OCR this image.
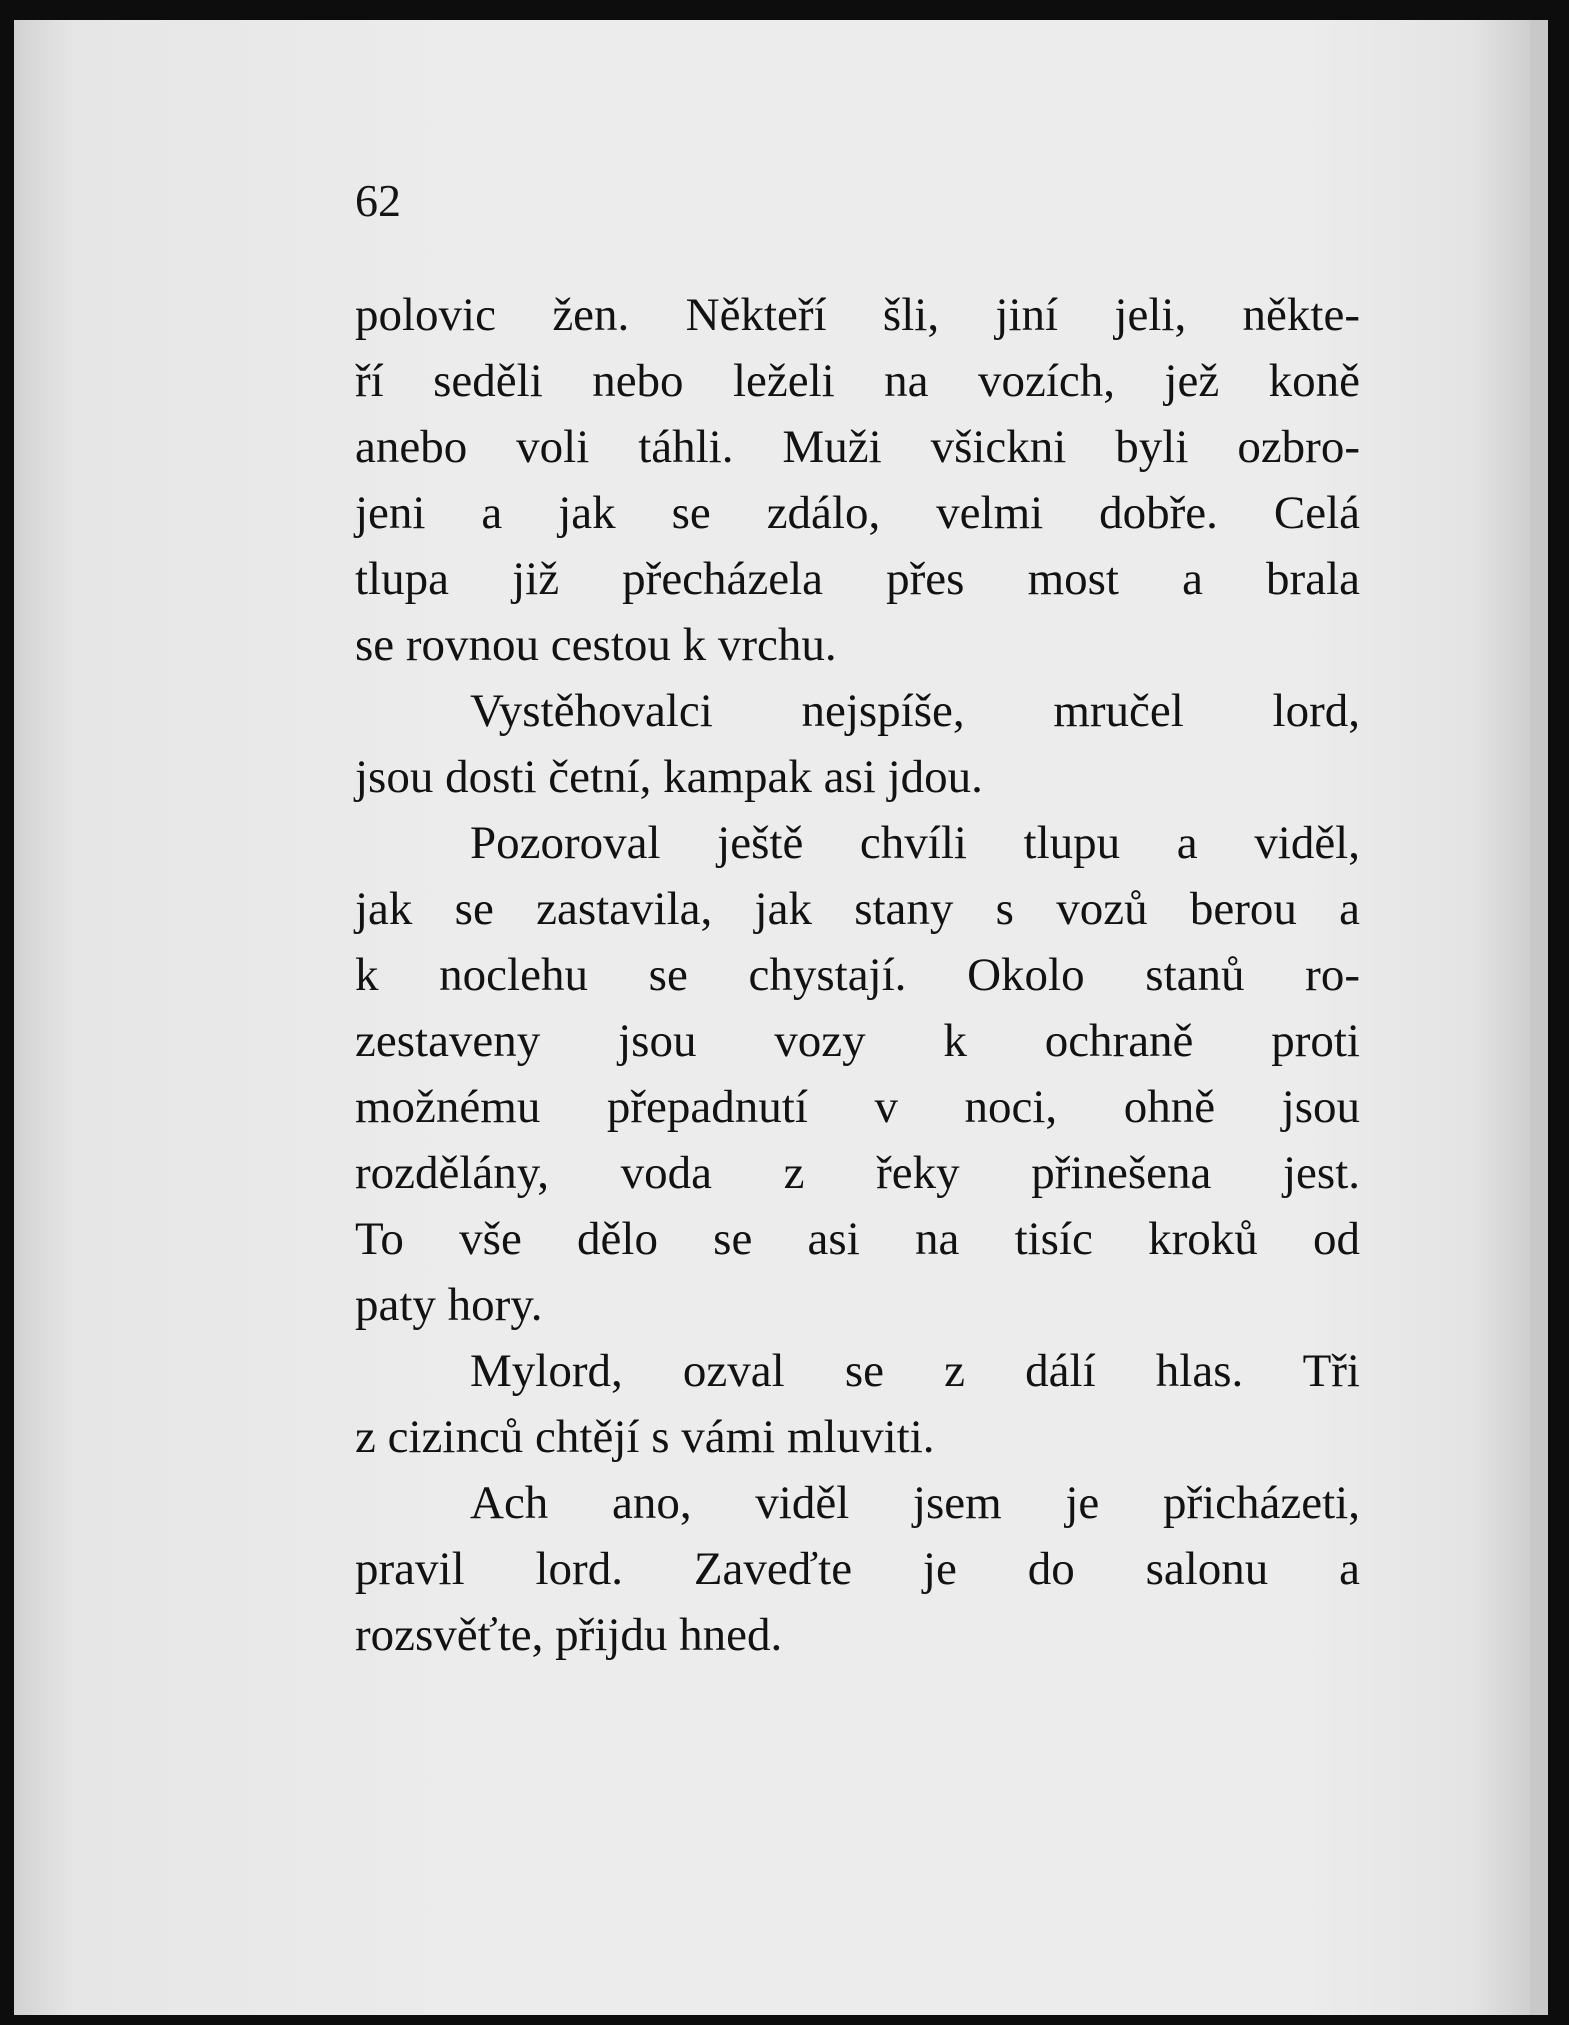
62
polovic žen. Někteří šli, jiní jeli, někte-
ří seděli nebo leželi na vozích, jež koně
anebo voli táhli. Muži všickni byli ozbro-
jeni a jak se zdálo, velmi dobře. Celá
tlupa již přecházela přes most a brala
se rovnou cestou k vrchu.
Vystěhovalci nejspíše, mručel lord,
jsou dosti četní, kampak asi jdou.
Pozoroval ještě chvíli tlupu a viděl,
jak se zastavila, jak stany s vozů berou a
k noclehu se chystají. Okolo stanů ro-
zestaveny jsou vozy k ochraně proti
možnému přepadnutí v noci, ohně jsou
rozdělány, voda z řeky přinešena jest.
To vše dělo se asi na tisíc kroků od
paty hory.
Mylord, ozval se z dálí hlas. Tři
z cizinců chtějí s vámi mluviti.
Ach ano, viděl jsem je přicházeti,
pravil lord. Zaveďte je do salonu a
rozsvěťte, přijdu hned.
